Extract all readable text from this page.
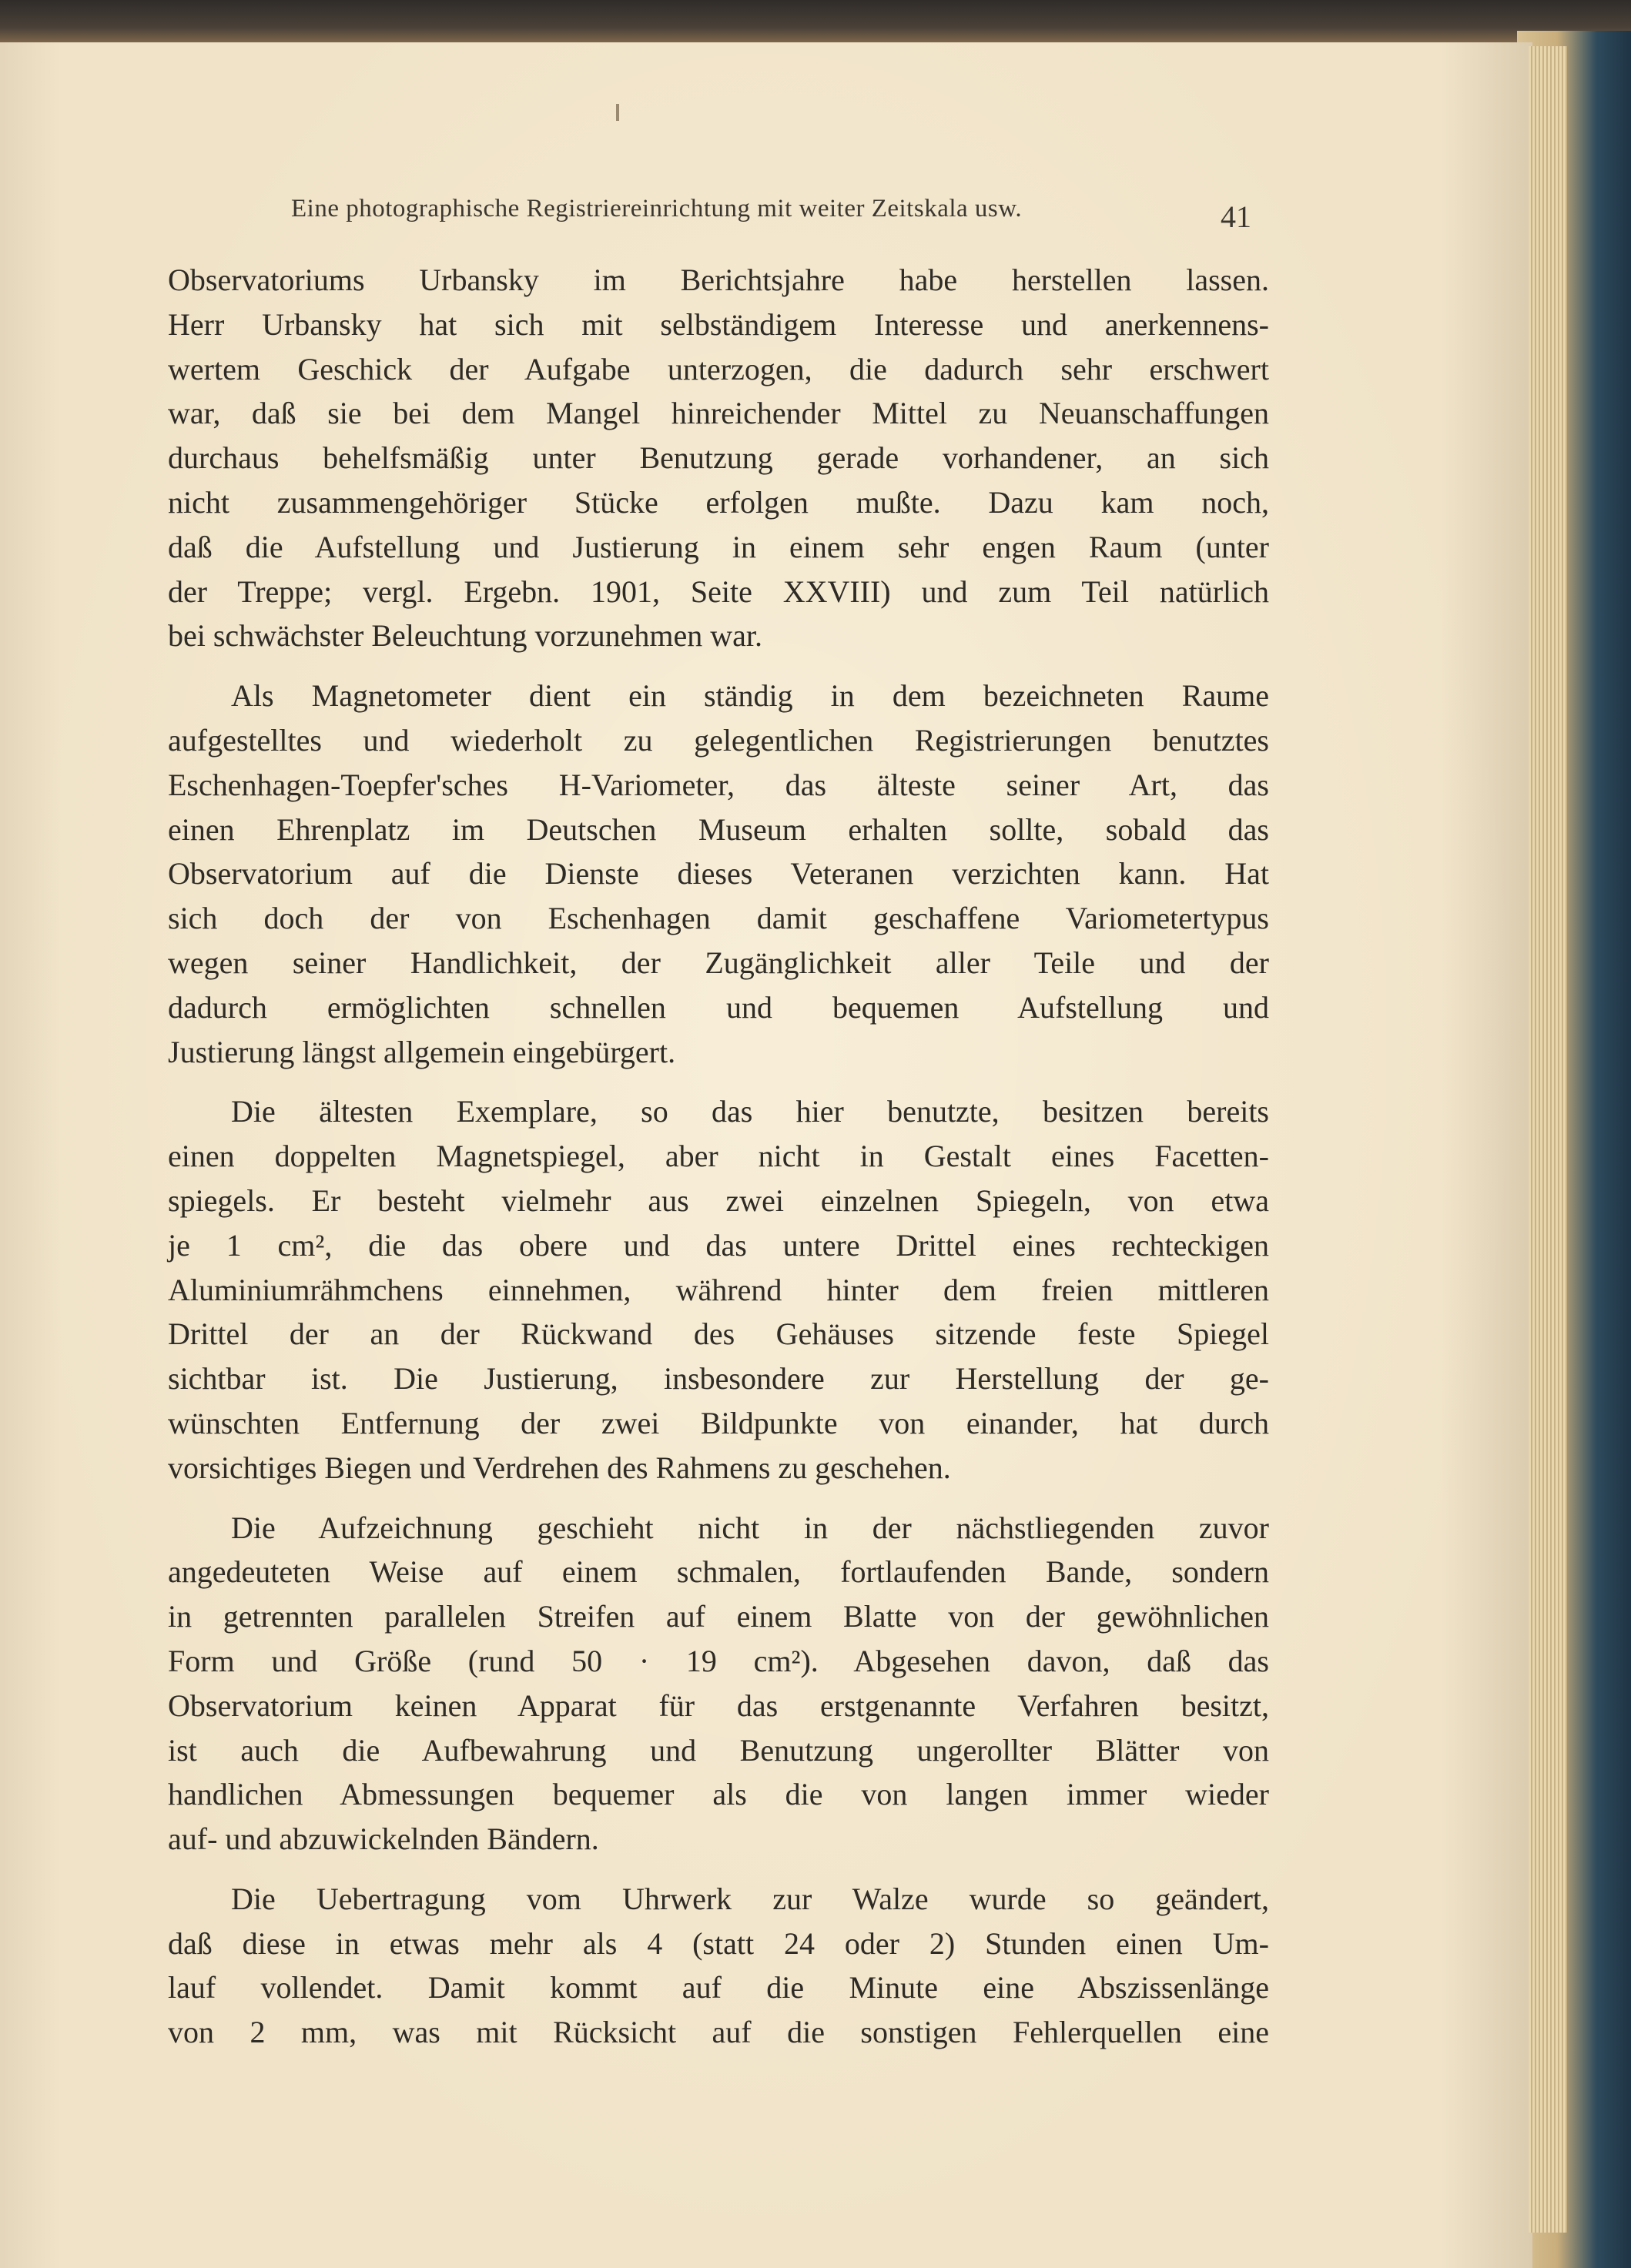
Eine photographische Registriereinrichtung mit weiter Zeitskala usw.	41
Observatoriums Urbansky im Berichtsjahre habe herstellen lassen.
Herr Urbansky hat sich mit selbständigem Interesse und anerkennens-
wertem Geschick der Aufgabe unterzogen, die dadurch sehr erschwert
war, daß sie bei dem Mangel hinreichender Mittel zu Neuanschaffungen
durchaus behelfsmäßig unter Benutzung gerade vorhandener, an sich
nicht zusammengehöriger Stücke erfolgen mußte. Dazu kam noch,
daß die Aufstellung und Justierung in einem sehr engen Raum (unter
der Treppe; vergl. Ergebn. 1901, Seite XXVIII) und zum Teil natürlich
bei schwächster Beleuchtung vorzunehmen war.
Als Magnetometer dient ein ständig in dem bezeichneten Raume
aufgestelltes und wiederholt zu gelegentlichen Registrierungen benutztes
Eschenhagen-Toepfer'sches H-Variometer, das älteste seiner Art, das
einen Ehrenplatz im Deutschen Museum erhalten sollte, sobald das
Observatorium auf die Dienste dieses Veteranen verzichten kann. Hat
sich doch der von Eschenhagen damit geschaffene Variometertypus
wegen seiner Handlichkeit, der Zugänglichkeit aller Teile und der
dadurch ermöglichten schnellen und bequemen Aufstellung und
Justierung längst allgemein eingebürgert.
Die ältesten Exemplare, so das hier benutzte, besitzen bereits
einen doppelten Magnetspiegel, aber nicht in Gestalt eines Facetten-
spiegels. Er besteht vielmehr aus zwei einzelnen Spiegeln, von etwa
je 1 cm², die das obere und das untere Drittel eines rechteckigen
Aluminiumrähmchens einnehmen, während hinter dem freien mittleren
Drittel der an der Rückwand des Gehäuses sitzende feste Spiegel
sichtbar ist. Die Justierung, insbesondere zur Herstellung der ge-
wünschten Entfernung der zwei Bildpunkte von einander, hat durch
vorsichtiges Biegen und Verdrehen des Rahmens zu geschehen.
Die Aufzeichnung geschieht nicht in der nächstliegenden zuvor
angedeuteten Weise auf einem schmalen, fortlaufenden Bande, sondern
in getrennten parallelen Streifen auf einem Blatte von der gewöhnlichen
Form und Größe (rund 50 · 19 cm²). Abgesehen davon, daß das
Observatorium keinen Apparat für das erstgenannte Verfahren besitzt,
ist auch die Aufbewahrung und Benutzung ungerollter Blätter von
handlichen Abmessungen bequemer als die von langen immer wieder
auf- und abzuwickelnden Bändern.
Die Uebertragung vom Uhrwerk zur Walze wurde so geändert,
daß diese in etwas mehr als 4 (statt 24 oder 2) Stunden einen Um-
lauf vollendet. Damit kommt auf die Minute eine Abszissenlänge
von 2 mm, was mit Rücksicht auf die sonstigen Fehlerquellen eine
